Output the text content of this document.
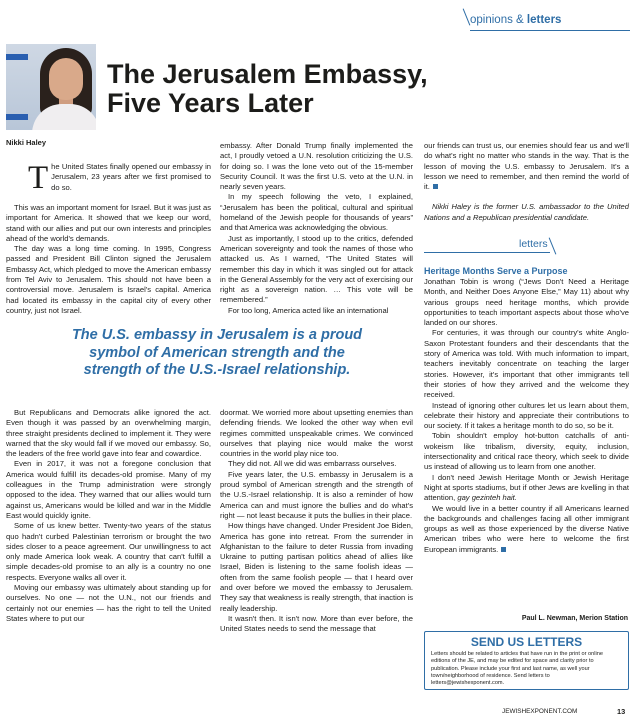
opinions & letters
The Jerusalem Embassy,
Five Years Later
Nikki Haley

The United States finally opened our embassy in Jerusalem, 23 years after we first promised to do so.

This was an important moment for Israel. But it was just as important for America. It showed that we keep our word, stand with our allies and put our own interests and principles ahead of the world's demands.

The day was a long time coming. In 1995, Congress passed and President Bill Clinton signed the Jerusalem Embassy Act, which pledged to move the American embassy from Tel Aviv to Jerusalem. This should not have been a controversial move. Jerusalem is Israel's capital. America had located its embassy in the capital city of every other country, just not Israel.

embassy. After Donald Trump finally implemented the act, I proudly vetoed a U.N. resolution criticizing the U.S. for doing so. I was the lone veto out of the 15-member Security Council. It was the first U.S. veto at the U.N. in nearly seven years.

In my speech following the veto, I explained, “Jerusalem has been the political, cultural and spiritual homeland of the Jewish people for thousands of years” and that America was acknowledging the obvious.

Just as importantly, I stood up to the critics, defended American sovereignty and took the names of those who attacked us. As I warned, “The United States will remember this day in which it was singled out for attack in the General Assembly for the very act of exercising our right as a sovereign nation. … This vote will be remembered.”

For too long, America acted like an international

The U.S. embassy in Jerusalem is a proud symbol of American strength and the strength of the U.S.-Israel relationship.

But Republicans and Democrats alike ignored the act. Even though it was passed by an overwhelming margin, three straight presidents declined to implement it. They were warned that the sky would fall if we moved our embassy. So, the leaders of the free world gave into fear and cowardice.

Even in 2017, it was not a foregone conclusion that America would fulfill its decades-old promise. Many of my colleagues in the Trump administration were strongly opposed to the idea. They warned that our allies would turn against us, Americans would be killed and war in the Middle East would quickly ignite.

Some of us knew better. Twenty-two years of the status quo hadn't curbed Palestinian terrorism or brought the two sides closer to a peace agreement. Our unwillingness to act only made America look weak. A country that can't fulfill a simple decades-old promise to an ally is a country no one respects. Everyone walks all over it.

Moving our embassy was ultimately about standing up for ourselves. No one — not the U.N., not our friends and certainly not our enemies — has the right to tell the United States where to put our

doormat. We worried more about upsetting enemies than defending friends. We looked the other way when evil regimes committed unspeakable crimes. We convinced ourselves that playing nice would make the worst countries in the world play nice too.

They did not. All we did was embarrass ourselves.

Five years later, the U.S. embassy in Jerusalem is a proud symbol of American strength and the strength of the U.S.-Israel relationship. It is also a reminder of how America can and must ignore the bullies and do what's right — not least because it puts the bullies in their place.

How things have changed. Under President Joe Biden, America has gone into retreat. From the surrender in Afghanistan to the failure to deter Russia from invading Ukraine to putting partisan politics ahead of allies like Israel, Biden is listening to the same foolish ideas — often from the same foolish people — that I heard over and over before we moved the embassy to Jerusalem. They say that weakness is really strength, that inaction is really leadership.

It wasn't then. It isn't now. More than ever before, the United States needs to send the message that

our friends can trust us, our enemies should fear us and we'll do what's right no matter who stands in the way. That is the lesson of moving the U.S. embassy to Jerusalem. It's a lesson we need to remember, and then remind the world of it.

Nikki Haley is the former U.S. ambassador to the United Nations and a Republican presidential candidate.

letters
Heritage Months Serve a Purpose

Jonathan Tobin is wrong (“Jews Don't Need a Heritage Month, and Neither Does Anyone Else,” May 11) about why various groups need heritage months, which provide opportunities to teach important aspects about those who've landed on our shores.

For centuries, it was through our country's white Anglo-Saxon Protestant founders and their descendants that the story of America was told. With much information to impart, teachers inevitably concentrate on teaching the larger stories. However, it's important that other immigrants tell their stories of how they arrived and the welcome they received.

Instead of ignoring other cultures let us learn about them, celebrate their history and appreciate their contributions to our society. If it takes a heritage month to do so, so be it.

Tobin shouldn't employ hot-button catchalls of anti-wokeism like tribalism, diversity, equity, inclusion, intersectionality and critical race theory, which seek to divide us instead of allowing us to learn from one another.

I don't need Jewish Heritage Month or Jewish Heritage Night at sports stadiums, but if other Jews are kvelling in that attention, gay gezinteh hait.

We would live in a better country if all Americans learned the backgrounds and challenges facing all other immigrant groups as well as those experienced by the diverse Native American tribes who were here to welcome the first European immigrants.

Paul L. Newman, Merion Station
SEND US LETTERS
Letters should be related to articles that have run in the print or online editions of the JE, and may be edited for space and clarity prior to publication. Please include your first and last name, as well your town/neighborhood of residence. Send letters to letters@jewishexponent.com.
JEWISHEXPONENT.COM	13
